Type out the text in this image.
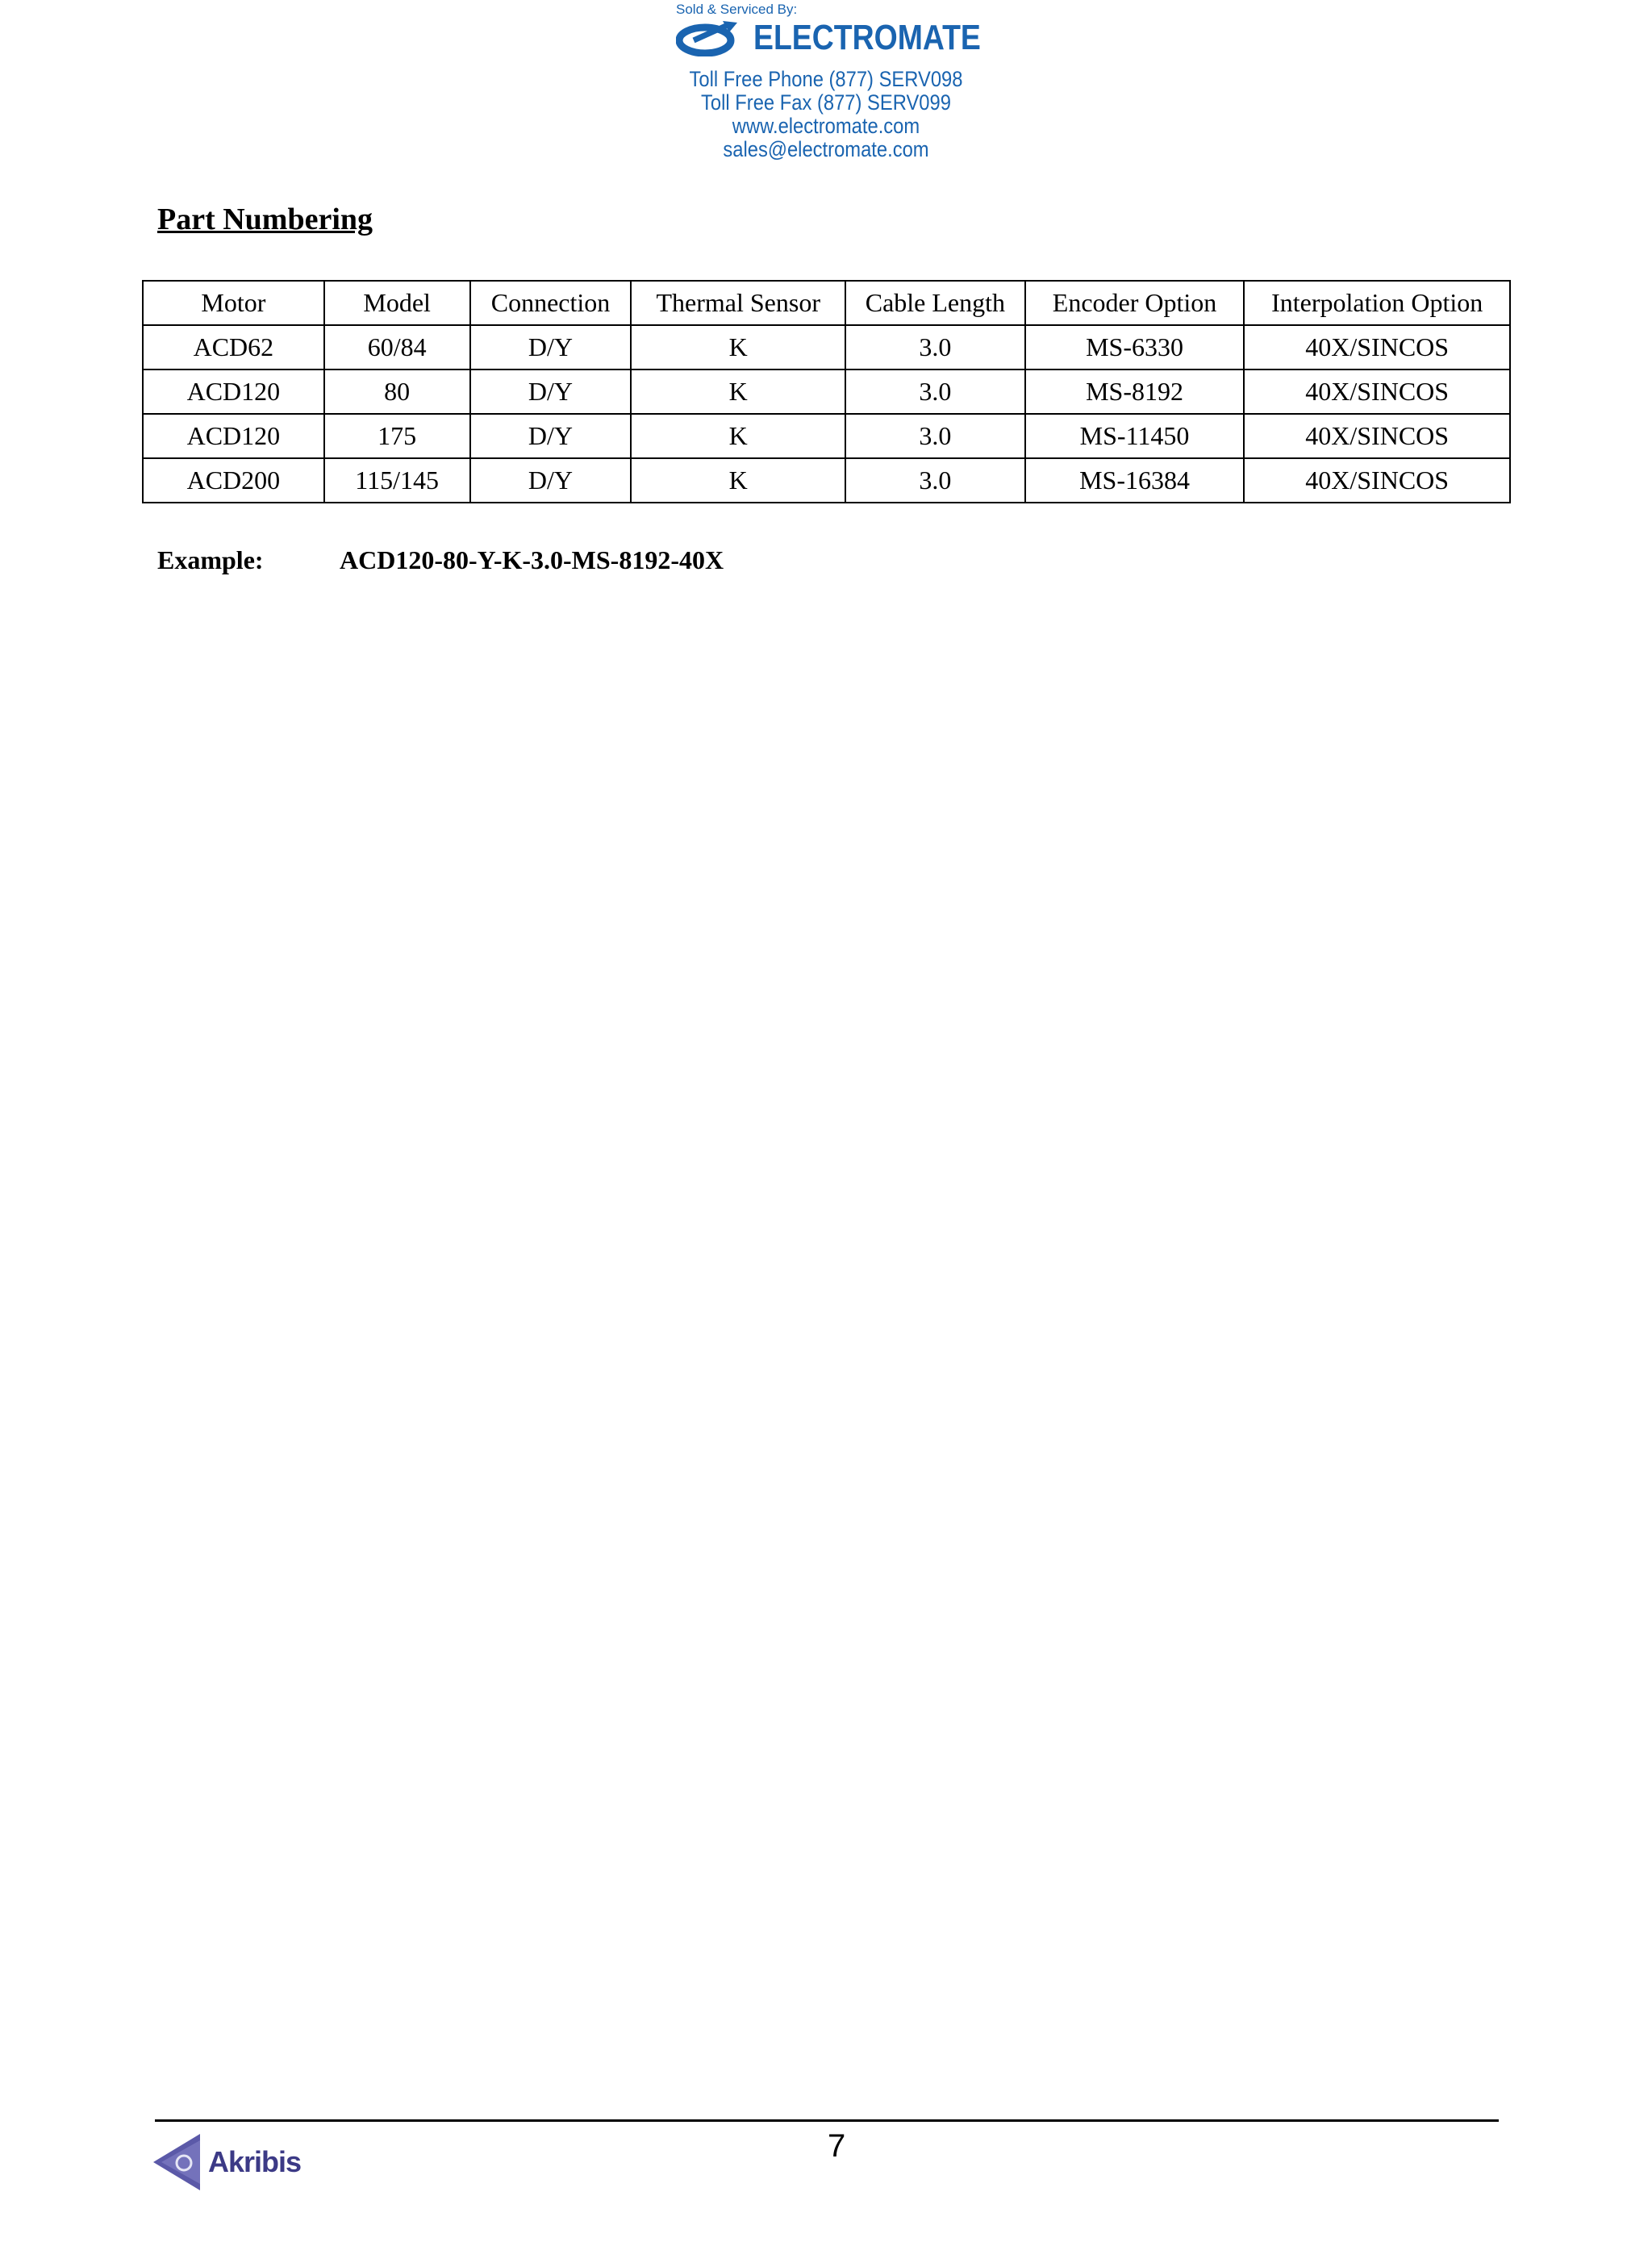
Sold & Serviced By:
ELECTROMATE
Toll Free Phone (877) SERV098
Toll Free Fax (877) SERV099
www.electromate.com
sales@electromate.com
Part Numbering
Motor	Model	Connection	Thermal Sensor	Cable Length	Encoder Option	Interpolation Option
ACD62	60/84	D/Y	K	3.0	MS-6330	40X/SINCOS
ACD120	80	D/Y	K	3.0	MS-8192	40X/SINCOS
ACD120	175	D/Y	K	3.0	MS-11450	40X/SINCOS
ACD200	115/145	D/Y	K	3.0	MS-16384	40X/SINCOS
Example:	ACD120-80-Y-K-3.0-MS-8192-40X
7
Akribis
